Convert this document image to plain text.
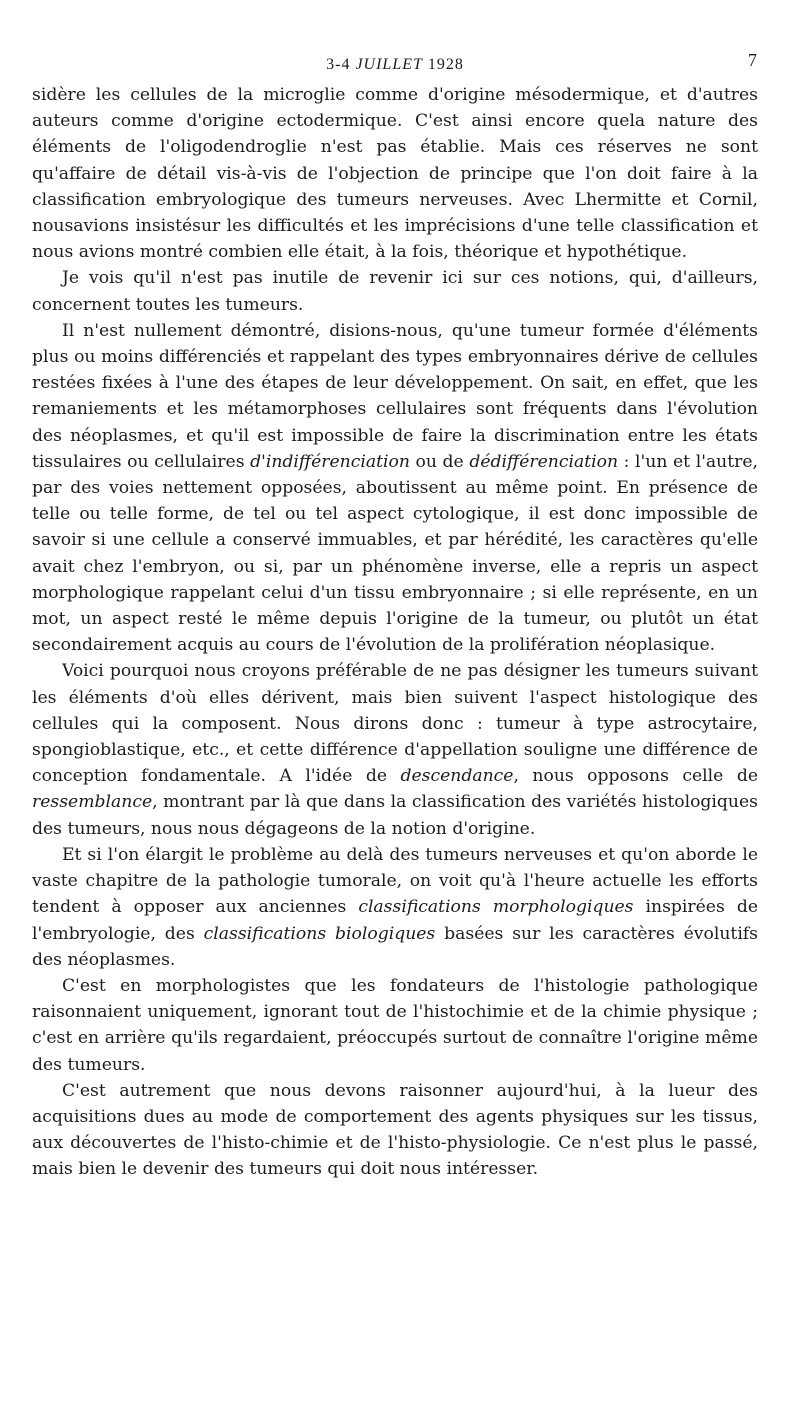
3-4 JUILLET 1928	7

sidère les cellules de la microglie comme d'origine mésodermique, et d'autres auteurs comme d'origine ectodermique. C'est ainsi encore quela nature des éléments de l'oligodendroglie n'est pas établie. Mais ces réserves ne sont qu'affaire de détail vis-à-vis de l'objection de principe que l'on doit faire à la classification embryologique des tumeurs nerveuses. Avec Lhermitte et Cornil, nousavions insistésur les difficultés et les imprécisions d'une telle classification et nous avions montré combien elle était, à la fois, théorique et hypothétique.

Je vois qu'il n'est pas inutile de revenir ici sur ces notions, qui, d'ailleurs, concernent toutes les tumeurs.

Il n'est nullement démontré, disions-nous, qu'une tumeur formée d'éléments plus ou moins différenciés et rappelant des types embryonnaires dérive de cellules restées fixées à l'une des étapes de leur développement. On sait, en effet, que les remaniements et les métamorphoses cellulaires sont fréquents dans l'évolution des néoplasmes, et qu'il est impossible de faire la discrimination entre les états tissulaires ou cellulaires d'indifférenciation ou de dédifférenciation : l'un et l'autre, par des voies nettement opposées, aboutissent au même point. En présence de telle ou telle forme, de tel ou tel aspect cytologique, il est donc impossible de savoir si une cellule a conservé immuables, et par hérédité, les caractères qu'elle avait chez l'embryon, ou si, par un phénomène inverse, elle a repris un aspect morphologique rappelant celui d'un tissu embryonnaire ; si elle représente, en un mot, un aspect resté le même depuis l'origine de la tumeur, ou plutôt un état secondairement acquis au cours de l'évolution de la prolifération néoplasique.

Voici pourquoi nous croyons préférable de ne pas désigner les tumeurs suivant les éléments d'où elles dérivent, mais bien suivent l'aspect histologique des cellules qui la composent. Nous dirons donc : tumeur à type astrocytaire, spongioblastique, etc., et cette différence d'appellation souligne une différence de conception fondamentale. A l'idée de descendance, nous opposons celle de ressemblance, montrant par là que dans la classification des variétés histologiques des tumeurs, nous nous dégageons de la notion d'origine.

Et si l'on élargit le problème au delà des tumeurs nerveuses et qu'on aborde le vaste chapitre de la pathologie tumorale, on voit qu'à l'heure actuelle les efforts tendent à opposer aux anciennes classifications morphologiques inspirées de l'embryologie, des classifications biologiques basées sur les caractères évolutifs des néoplasmes.

C'est en morphologistes que les fondateurs de l'histologie pathologique raisonnaient uniquement, ignorant tout de l'histochimie et de la chimie physique ; c'est en arrière qu'ils regardaient, préoccupés surtout de connaître l'origine même des tumeurs.

C'est autrement que nous devons raisonner aujourd'hui, à la lueur des acquisitions dues au mode de comportement des agents physiques sur les tissus, aux découvertes de l'histo-chimie et de l'histo-physiologie. Ce n'est plus le passé, mais bien le devenir des tumeurs qui doit nous intéresser.
